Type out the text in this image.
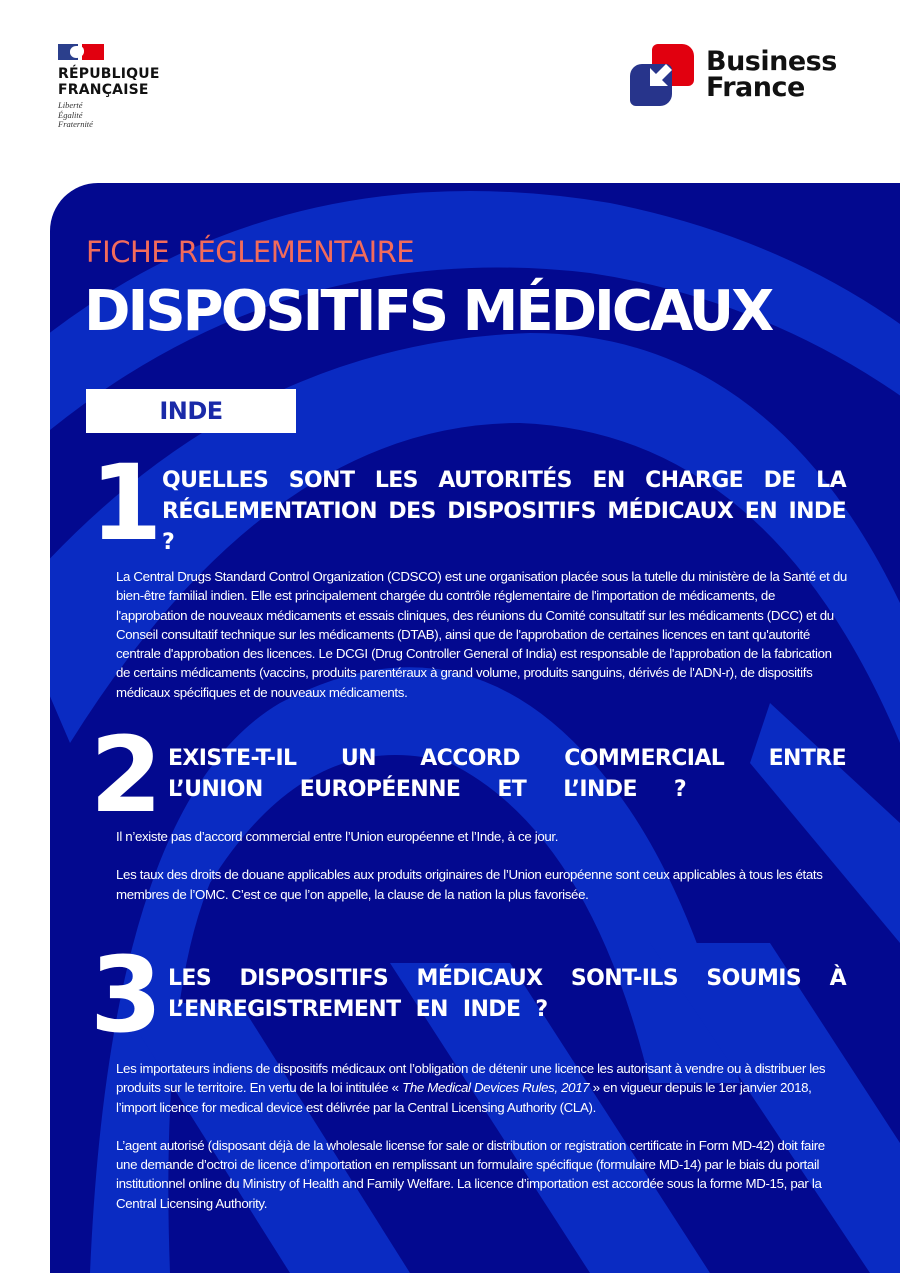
RÉPUBLIQUE
FRANÇAISE
Liberté
Égalité
Fraternité
Business
France
FICHE RÉGLEMENTAIRE
DISPOSITIFS MÉDICAUX
INDE
1 QUELLES SONT LES AUTORITÉS EN CHARGE DE LA RÉGLEMENTATION DES DISPOSITIFS MÉDICAUX EN INDE ?

La Central Drugs Standard Control Organization (CDSCO) est une organisation placée sous la tutelle du ministère de la Santé et du bien-être familial indien. Elle est principalement chargée du contrôle réglementaire de l'importation de médicaments, de l'approbation de nouveaux médicaments et essais cliniques, des réunions du Comité consultatif sur les médicaments (DCC) et du Conseil consultatif technique sur les médicaments (DTAB), ainsi que de l'approbation de certaines licences en tant qu'autorité centrale d'approbation des licences. Le DCGI (Drug Controller General of India) est responsable de l'approbation de la fabrication de certains médicaments (vaccins, produits parentéraux à grand volume, produits sanguins, dérivés de l'ADN-r), de dispositifs médicaux spécifiques et de nouveaux médicaments.

2 EXISTE-T-IL UN ACCORD COMMERCIAL ENTRE L’UNION EUROPÉENNE ET L’INDE ?

Il n’existe pas d’accord commercial entre l’Union européenne et l’Inde, à ce jour.

Les taux des droits de douane applicables aux produits originaires de l’Union européenne sont ceux applicables à tous les états membres de l’OMC. C’est ce que l’on appelle, la clause de la nation la plus favorisée.

3 LES DISPOSITIFS MÉDICAUX SONT-ILS SOUMIS À L’ENREGISTREMENT EN INDE ?

Les importateurs indiens de dispositifs médicaux ont l’obligation de détenir une licence les autorisant à vendre ou à distribuer les produits sur le territoire. En vertu de la loi intitulée « The Medical Devices Rules, 2017 » en vigueur depuis le 1er janvier 2018, l’import licence for medical device est délivrée par la Central Licensing Authority (CLA).

L’agent autorisé (disposant déjà de la wholesale license for sale or distribution or registration certificate in Form MD-42) doit faire une demande d’octroi de licence d’importation en remplissant un formulaire spécifique (formulaire MD-14) par le biais du portail institutionnel online du Ministry of Health and Family Welfare. La licence d’importation est accordée sous la forme MD-15, par la Central Licensing Authority.
